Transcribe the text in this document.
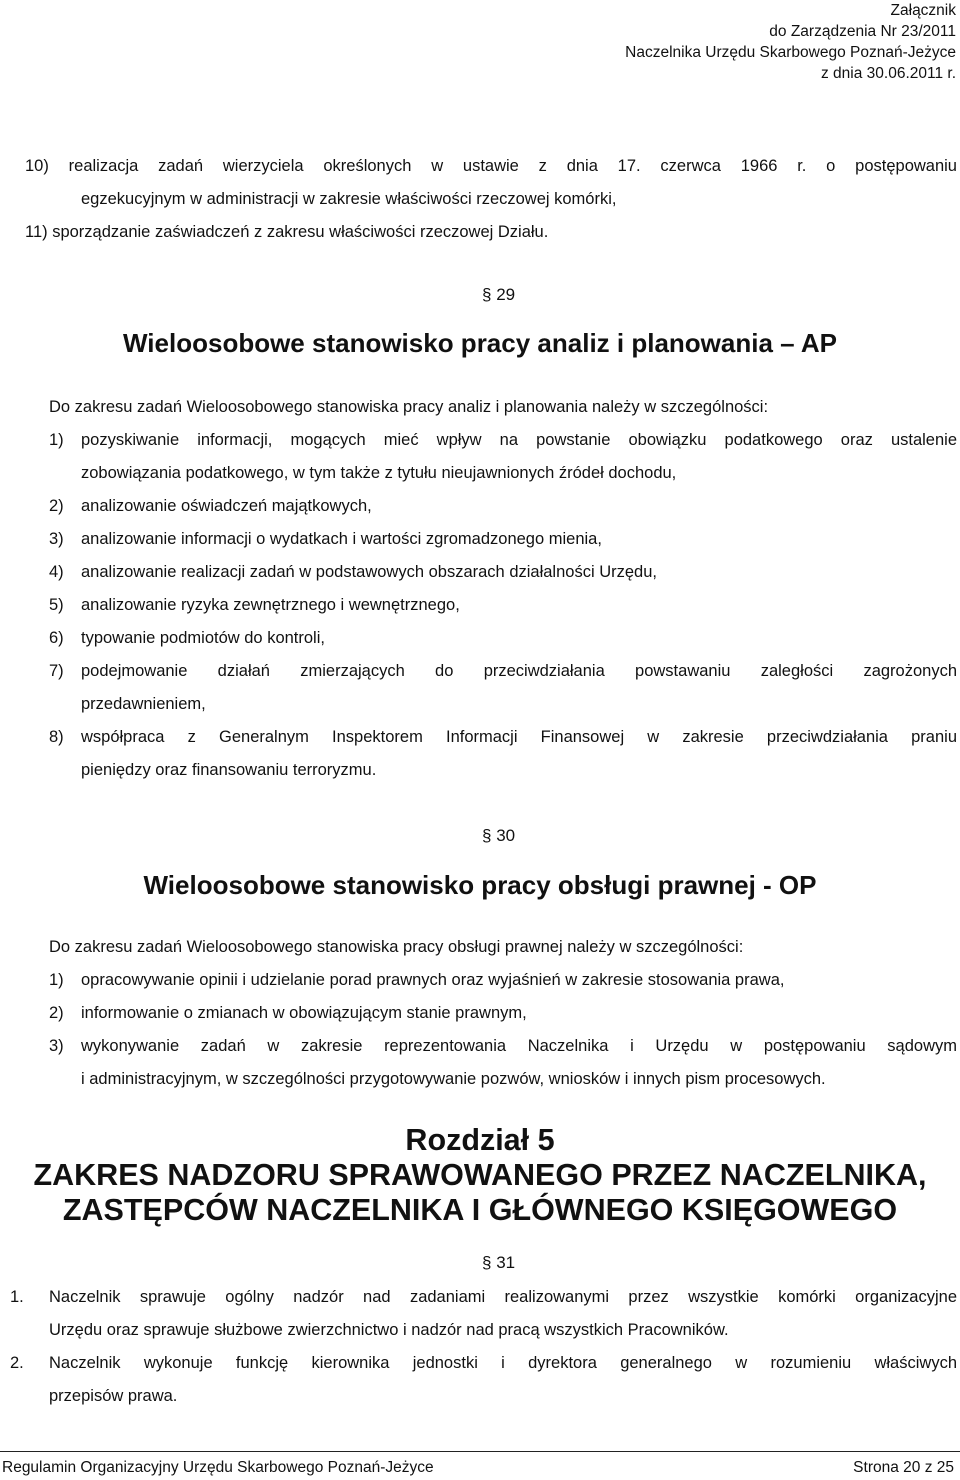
Załącznik
do Zarządzenia Nr 23/2011
Naczelnika Urzędu Skarbowego Poznań-Jeżyce
z dnia 30.06.2011 r.
10) realizacja zadań wierzyciela określonych w ustawie z dnia 17. czerwca 1966 r. o postępowaniu
egzekucyjnym w administracji w zakresie właściwości rzeczowej komórki,
11) sporządzanie zaświadczeń z zakresu właściwości rzeczowej Działu.
§ 29
Wieloosobowe stanowisko pracy analiz i planowania – AP
Do zakresu zadań Wieloosobowego stanowiska pracy analiz i planowania należy w szczególności:
1) pozyskiwanie informacji, mogących mieć wpływ na powstanie obowiązku podatkowego oraz ustalenie
zobowiązania podatkowego, w tym także z tytułu nieujawnionych źródeł dochodu,
2) analizowanie oświadczeń majątkowych,
3) analizowanie informacji o wydatkach i wartości zgromadzonego mienia,
4) analizowanie realizacji zadań w podstawowych obszarach działalności Urzędu,
5) analizowanie ryzyka zewnętrznego i wewnętrznego,
6) typowanie podmiotów do kontroli,
7) podejmowanie działań zmierzających do przeciwdziałania powstawaniu zaległości zagrożonych
przedawnieniem,
8) współpraca z Generalnym Inspektorem Informacji Finansowej w zakresie przeciwdziałania praniu
pieniędzy oraz finansowaniu terroryzmu.
§ 30
Wieloosobowe stanowisko pracy obsługi prawnej - OP
Do zakresu zadań Wieloosobowego stanowiska pracy obsługi prawnej należy w szczególności:
1) opracowywanie opinii i udzielanie porad prawnych oraz wyjaśnień w zakresie stosowania prawa,
2) informowanie o zmianach w obowiązującym stanie prawnym,
3) wykonywanie zadań w zakresie reprezentowania Naczelnika i Urzędu w postępowaniu sądowym
i administracyjnym, w szczególności przygotowywanie pozwów, wniosków i innych pism procesowych.
Rozdział 5
ZAKRES NADZORU SPRAWOWANEGO PRZEZ NACZELNIKA,
ZASTĘPCÓW NACZELNIKA I GŁÓWNEGO KSIĘGOWEGO
§ 31
1. Naczelnik sprawuje ogólny nadzór nad zadaniami realizowanymi przez wszystkie komórki organizacyjne
Urzędu oraz sprawuje służbowe zwierzchnictwo i nadzór nad pracą wszystkich Pracowników.
2. Naczelnik wykonuje funkcję kierownika jednostki i dyrektora generalnego w rozumieniu właściwych
przepisów prawa.
Regulamin Organizacyjny Urzędu Skarbowego Poznań-Jeżyce	Strona 20 z 25
